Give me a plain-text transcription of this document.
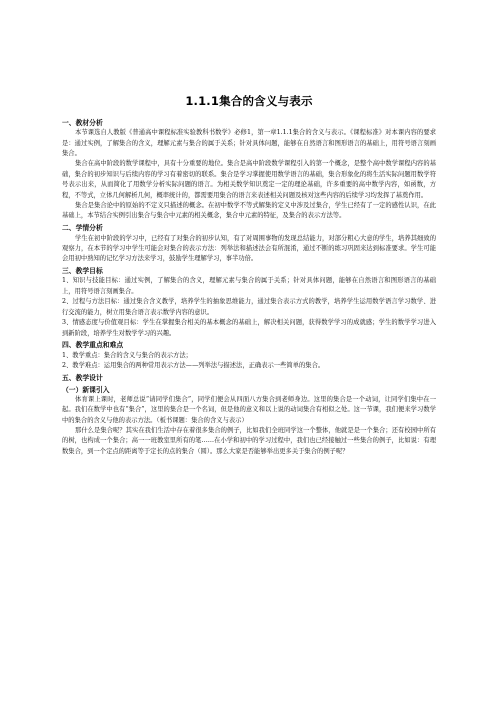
1.1.1集合的含义与表示
一、教材分析

本节课选自人教版《普通高中课程标准实验教科书数学》必修1，第一章1.1.1集合的含义与表示。《课程标准》对本课内容的要求是：通过实例，了解集合的含义，理解元素与集合的属于关系；针对具体问题，能够在自然语言和图形语言的基础上，用符号语言刻画集合。

集合在高中阶段的数学课程中，具有十分重要的地位。集合是高中阶段数学课程引入的第一个概念，是整个高中数学课程内容的基础，集合的初步知识与后续内容的学习有着密切的联系。集合是学习掌握使用数学语言的基础，集合形象化的将生活实际问题用数学符号表示出来，从而简化了用数学分析实际问题的语言。为相关数学知识奠定一定的理论基础，许多重要的高中数学内容，如函数，方程，不等式，立体几何解析几何，概率统计的，都需要用集合的语言来表述相关问题及核对这些内容的后续学习均发挥了基奠作用。

集合是集合论中的原始的不定义只描述的概念。在初中数学不等式解集的定义中涉及过集合，学生已经有了一定的感性认识，在此基础上，本节结合实例引出集合与集合中元素的相关概念，集合中元素的特征，及集合的表示方法等。

二、学情分析

学生在初中阶段的学习中，已经有了对集合的初步认知，有了对周围事物的发现总结能力，对部分粗心大意的学生，培养其细致的观察力，在本节的学习中学生可能会对集合的表示方法：列举法和描述法会有所混淆，通过不断的练习巩固来达到标准要求。学生可能会用初中熟知的记忆学习方法来学习，鼓励学生理解学习，事半功倍。

三、教学目标

1、知识与技能目标：通过实例，了解集合的含义，理解元素与集合的属于关系；针对具体问题，能够在自然语言和图形语言的基础上，用符号语言刻画集合。

2、过程与方法目标：通过集合含义教学，培养学生的抽象思维能力，通过集合表示方式的教学，培养学生运用数学语言学习数学、进行交流的能力，树立用集合语言表示数学内容的意识。

3、情感态度与价值观目标：学生在掌握集合相关的基本概念的基础上，解决相关问题，获得数学学习的成就感；学生的数学学习进入到新阶段，培养学生对数学学习的兴趣。

四、教学重点和难点

1、教学重点：集合的含义与集合的表示方法；

2、教学难点：运用集合的两种常用表示方法——列举法与描述法，正确表示一些简单的集合。

五、教学设计
（一）新课引入

体育课上课时，老师总说“请同学们集合”，同学们便会从四面八方集合到老师身边。这里的集合是一个动词，让同学们集中在一起。我们在数学中也有“集合”，这里的集合是一个名词，但是他的意义和以上说的动词集合有相似之处。这一节课，我们便来学习数学中的集合的含义与他的表示方法。（板书课题：集合的含义与表示）

那什么是集合呢？其实在我们生活中存在着很多集合的例子，比如我们全班同学这一个整体，他就是是一个集合；还有校园中所有的树，也构成一个集合；高一一班教室里所有的笔……在小学和初中的学习过程中，我们也已经接触过一些集合的例子，比如说：有理数集合，到一个定点的距离等于定长的点的集合（圆）。那么大家是否能够举出更多关于集合的例子呢？
